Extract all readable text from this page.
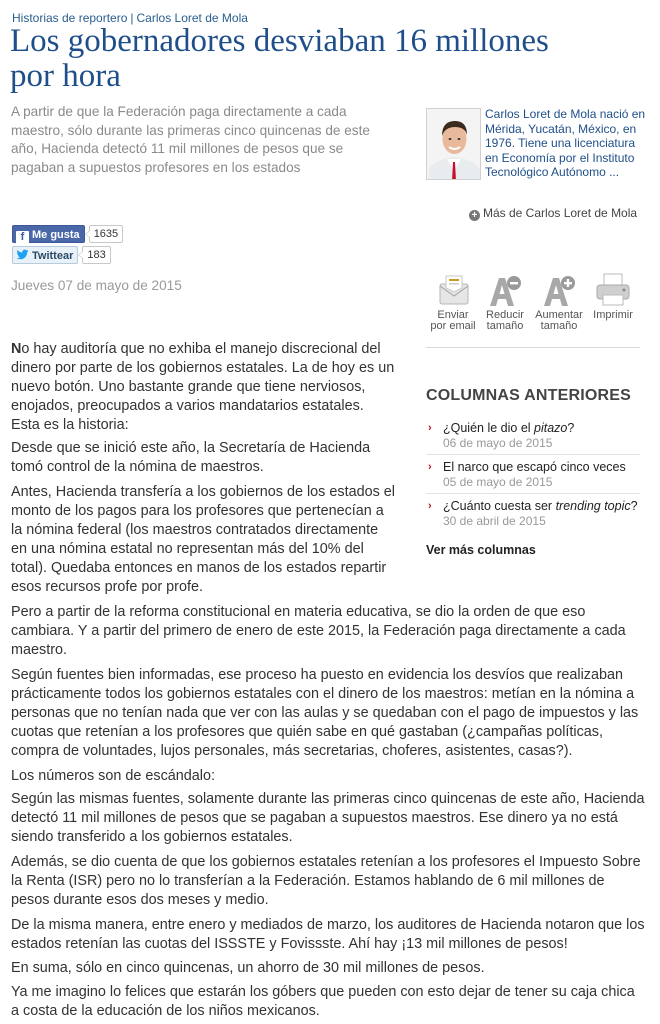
Historias de reportero | Carlos Loret de Mola
Los gobernadores desviaban 16 millones
por hora

A partir de que la Federación paga directamente a cada maestro, sólo durante las primeras cinco quincenas de este año, Hacienda detectó 11 mil millones de pesos que se pagaban a supuestos profesores en los estados

Carlos Loret de Mola nació en Mérida, Yucatán, México, en 1976. Tiene una licenciatura en Economía por el Instituto Tecnológico Autónomo ...

+ Más de Carlos Loret de Mola
f Me gusta 1635
Twittear 183
Jueves 07 de mayo de 2015
Enviar
por email
Reducir
tamaño
Aumentar
tamaño
Imprimir
COLUMNAS ANTERIORES
› ¿Quién le dio el pitazo?
06 de mayo de 2015
› El narco que escapó cinco veces
05 de mayo de 2015
› ¿Cuánto cuesta ser trending topic?
30 de abril de 2015
Ver más columnas

No hay auditoría que no exhiba el manejo discrecional del dinero por parte de los gobiernos estatales. La de hoy es un nuevo botón. Uno bastante grande que tiene nerviosos, enojados, preocupados a varios mandatarios estatales. Esta es la historia:

Desde que se inició este año, la Secretaría de Hacienda tomó control de la nómina de maestros.

Antes, Hacienda transfería a los gobiernos de los estados el monto de los pagos para los profesores que pertenecían a la nómina federal (los maestros contratados directamente en una nómina estatal no representan más del 10% del total). Quedaba entonces en manos de los estados repartir esos recursos profe por profe.

Pero a partir de la reforma constitucional en materia educativa, se dio la orden de que eso cambiara. Y a partir del primero de enero de este 2015, la Federación paga directamente a cada maestro.

Según fuentes bien informadas, ese proceso ha puesto en evidencia los desvíos que realizaban prácticamente todos los gobiernos estatales con el dinero de los maestros: metían en la nómina a personas que no tenían nada que ver con las aulas y se quedaban con el pago de impuestos y las cuotas que retenían a los profesores que quién sabe en qué gastaban (¿campañas políticas, compra de voluntades, lujos personales, más secretarias, choferes, asistentes, casas?).

Los números son de escándalo:

Según las mismas fuentes, solamente durante las primeras cinco quincenas de este año, Hacienda detectó 11 mil millones de pesos que se pagaban a supuestos maestros. Ese dinero ya no está siendo transferido a los gobiernos estatales.

Además, se dio cuenta de que los gobiernos estatales retenían a los profesores el Impuesto Sobre la Renta (ISR) pero no lo transferían a la Federación. Estamos hablando de 6 mil millones de pesos durante esos dos meses y medio.

De la misma manera, entre enero y mediados de marzo, los auditores de Hacienda notaron que los estados retenían las cuotas del ISSSTE y Fovissste. Ahí hay ¡13 mil millones de pesos!

En suma, sólo en cinco quincenas, un ahorro de 30 mil millones de pesos.

Ya me imagino lo felices que estarán los góbers que pueden con esto dejar de tener su caja chica a costa de la educación de los niños mexicanos.
